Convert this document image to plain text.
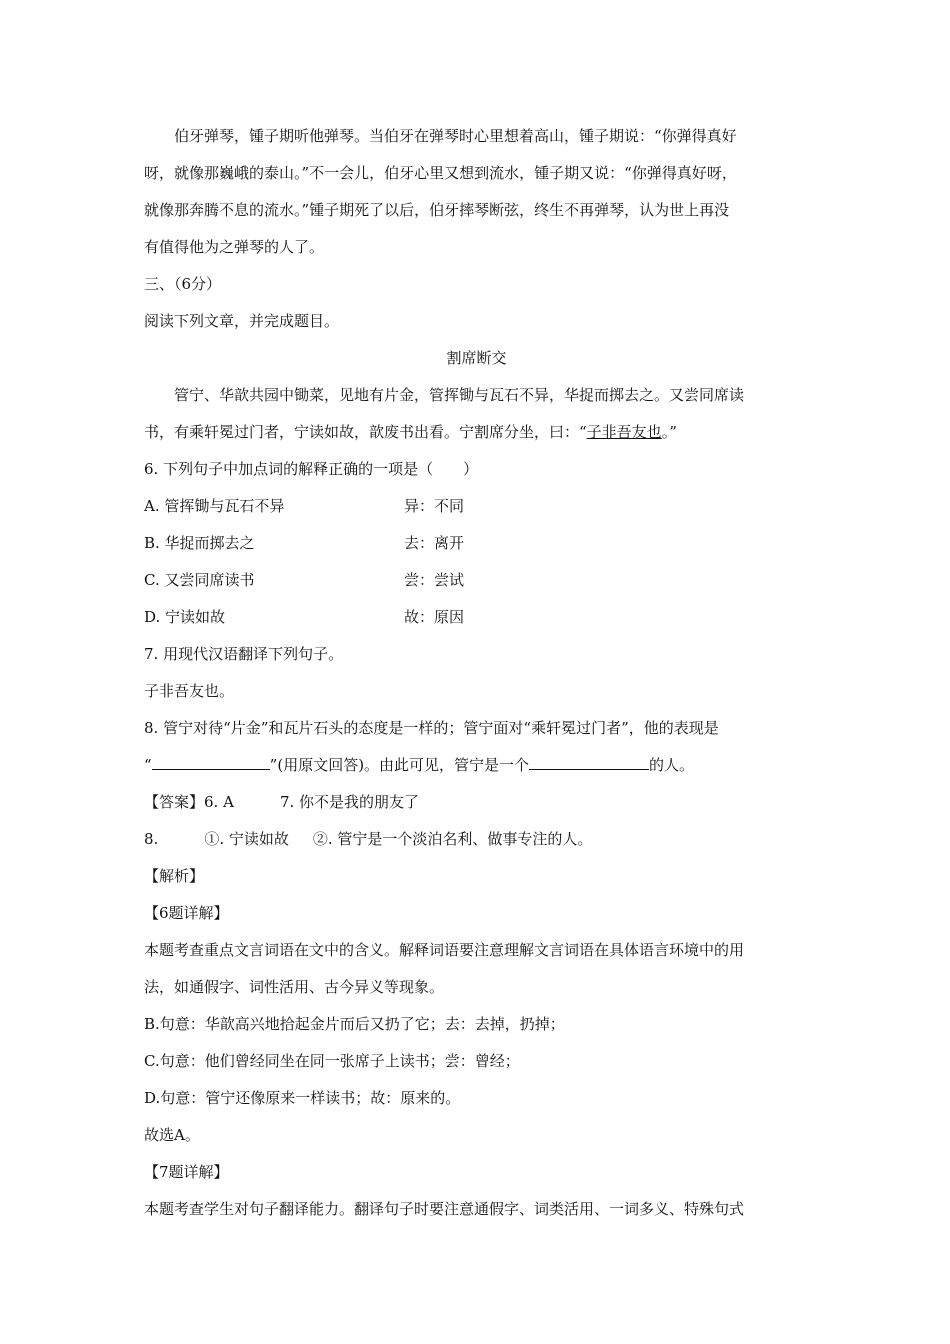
伯牙弹琴，锺子期听他弹琴。当伯牙在弹琴时心里想着高山，锺子期说：“你弹得真好
呀，就像那巍峨的泰山。”不一会儿，伯牙心里又想到流水，锺子期又说：“你弹得真好呀，
就像那奔腾不息的流水。”锺子期死了以后，伯牙摔琴断弦，终生不再弹琴，认为世上再没
有值得他为之弹琴的人了。
三、（6分）
阅读下列文章，并完成题目。
割席断交
管宁、华歆共园中锄菜，见地有片金，管挥锄与瓦石不异，华捉而掷去之。又尝同席读
书，有乘轩冕过门者，宁读如故，歆废书出看。宁割席分坐，曰：“子非吾友也。”
6. 下列句子中加点词的解释正确的一项是（　　）
A. 管挥锄与瓦石不异	异：不同
B. 华捉而掷去之	去：离开
C. 又尝同席读书	尝：尝试
D. 宁读如故	故：原因
7. 用现代汉语翻译下列句子。
子非吾友也。
8. 管宁对待“片金”和瓦片石头的态度是一样的；管宁面对“乘轩冕过门者”，他的表现是
“	”(用原文回答)。由此可见，管宁是一个	的人。
【答案】6. A	7. 你不是我的朋友了
8.	①. 宁读如故 ②. 管宁是一个淡泊名利、做事专注的人。
【解析】
【6题详解】
本题考查重点文言词语在文中的含义。解释词语要注意理解文言词语在具体语言环境中的用
法，如通假字、词性活用、古今异义等现象。
B.句意：华歆高兴地拾起金片而后又扔了它；去：去掉，扔掉；
C.句意：他们曾经同坐在同一张席子上读书；尝：曾经；
D.句意：管宁还像原来一样读书；故：原来的。
故选A。
【7题详解】
本题考查学生对句子翻译能力。翻译句子时要注意通假字、词类活用、一词多义、特殊句式
